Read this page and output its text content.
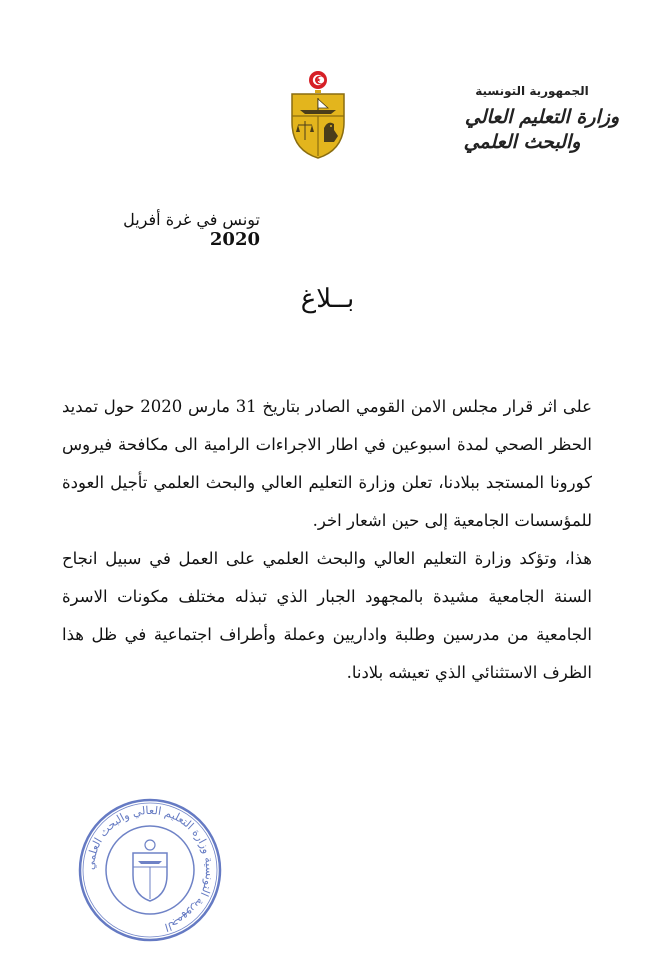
الجمهورية التونسية
وزارة التعليم العالي
والبحث العلمي
تونس في غرة أفريل 2020
بــلاغ

على اثر قرار مجلس الامن القومي الصادر بتاريخ 31 مارس 2020 حول تمديد الحظر الصحي لمدة اسبوعين في اطار الاجراءات الرامية الى مكافحة فيروس كورونا المستجد ببلادنا، تعلن وزارة التعليم العالي والبحث العلمي تأجيل العودة للمؤسسات الجامعية إلى حين اشعار اخر.

هذا، وتؤكد وزارة التعليم العالي والبحث العلمي على العمل في سبيل انجاح السنة الجامعية مشيدة بالمجهود الجبار الذي تبذله مختلف مكونات الاسرة الجامعية من مدرسين وطلبة واداريين وعملة وأطراف اجتماعية في ظل هذا الظرف الاستثنائي الذي تعيشه بلادنا.

الجمهورية التونسية وزارة التعليم العالي والبحث العلمي
